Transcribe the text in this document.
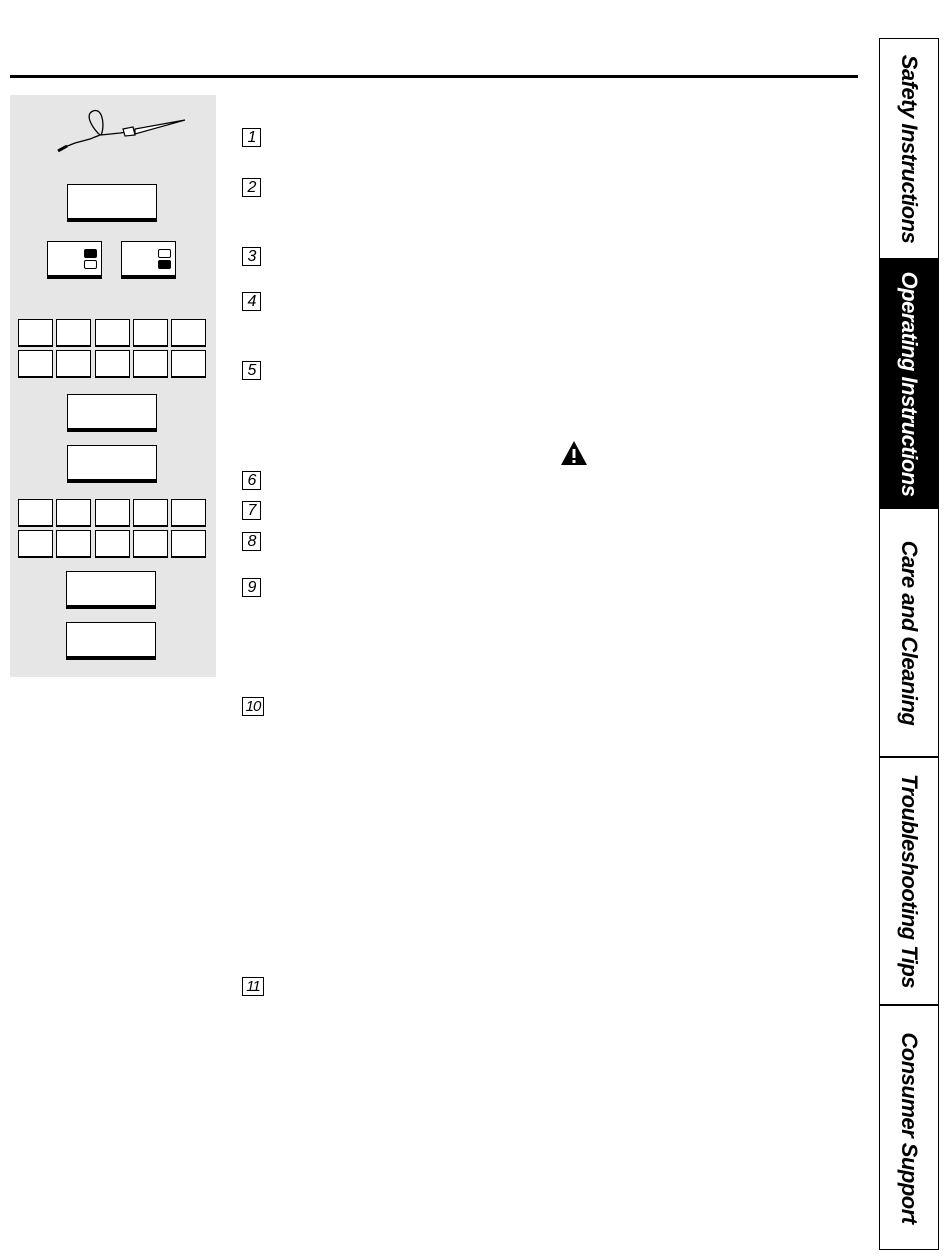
1
2
3
4
5
6
7
8
9
10
11
Safety Instructions
Operating Instructions
Care and Cleaning
Troubleshooting Tips
Consumer Support
